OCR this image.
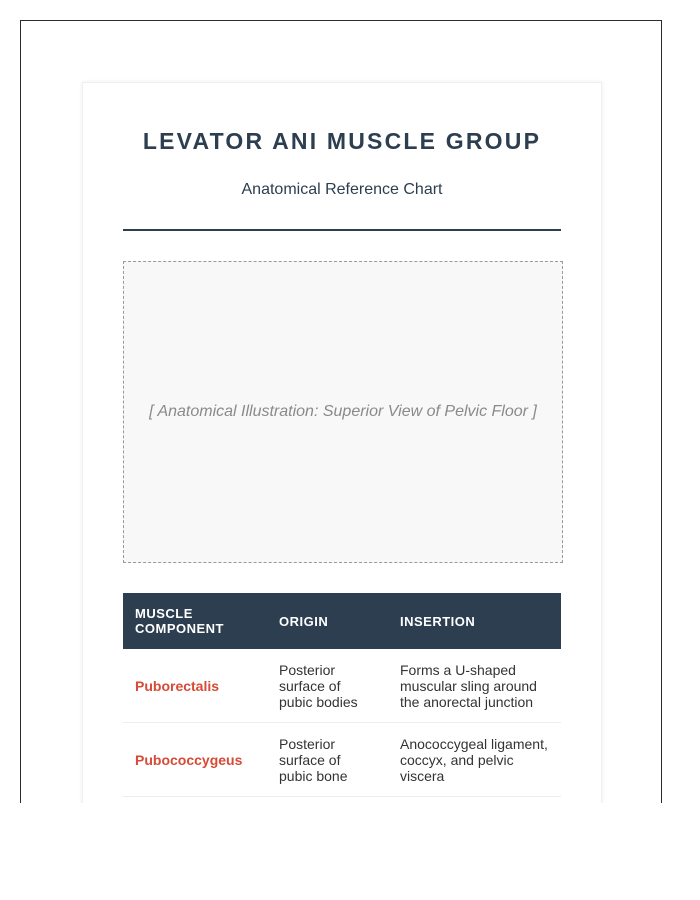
LEVATOR ANI MUSCLE GROUP
Anatomical Reference Chart
[ Anatomical Illustration: Superior View of Pelvic Floor ]
MUSCLE COMPONENT	ORIGIN	INSERTION
Puborectalis	Posterior surface of pubic bodies	Forms a U-shaped muscular sling around the anorectal junction
Pubococcygeus	Posterior surface of pubic bone	Anococcygeal ligament, coccyx, and pelvic viscera
